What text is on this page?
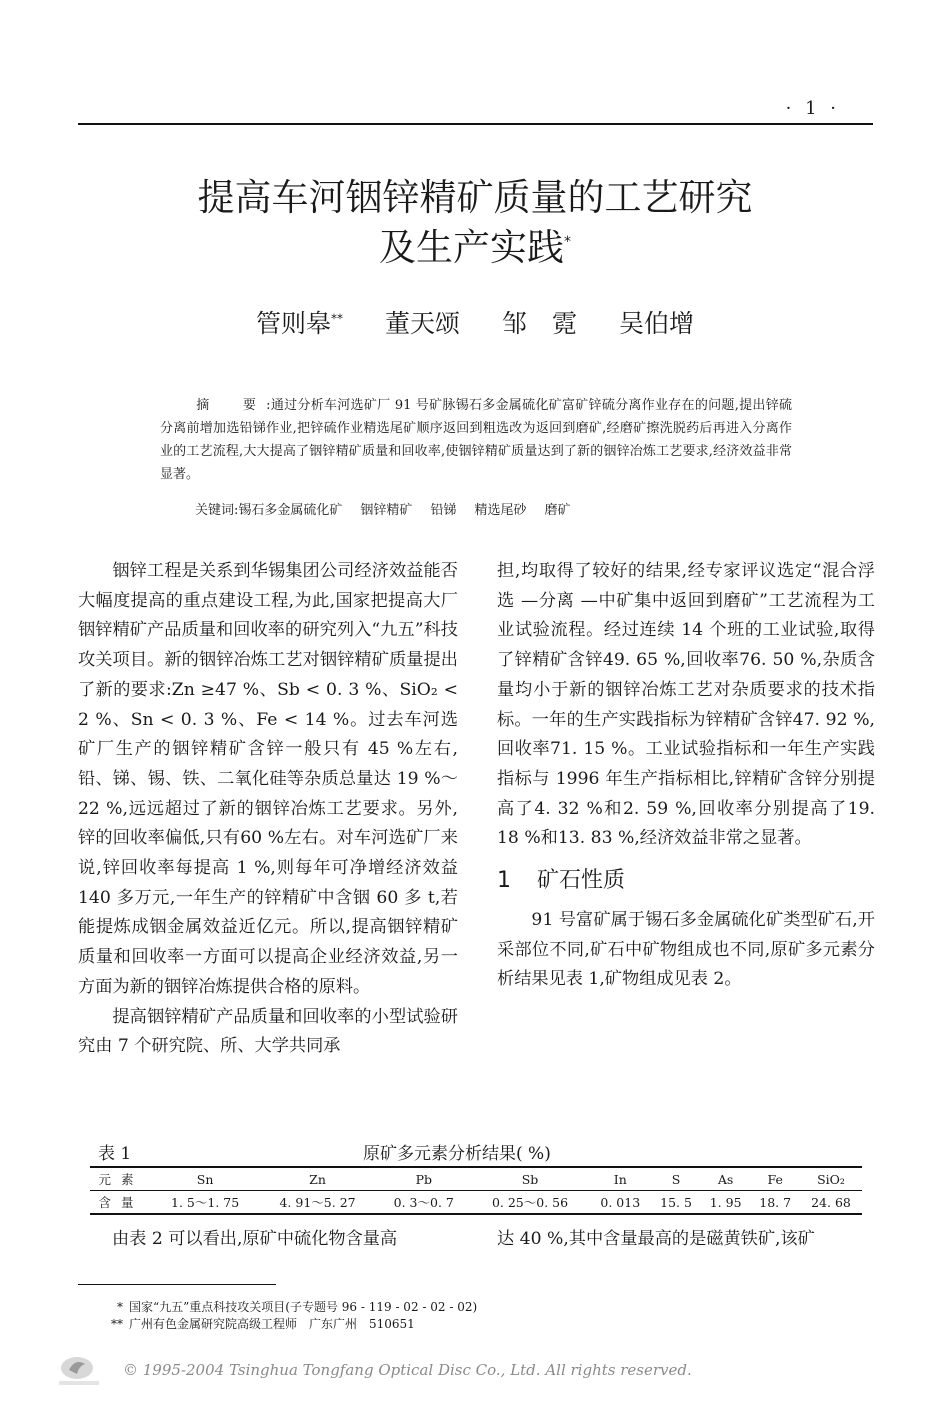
· 1 ·
提高车河铟锌精矿质量的工艺研究
及生产实践*
管则皋** 董天颂 邹　霓 吴伯增
摘　要:通过分析车河选矿厂 91 号矿脉锡石多金属硫化矿富矿锌硫分离作业存在的问题,提出锌硫分离前增加选铅锑作业,把锌硫作业精选尾矿顺序返回到粗选改为返回到磨矿,经磨矿擦洗脱药后再进入分离作业的工艺流程,大大提高了铟锌精矿质量和回收率,使铟锌精矿质量达到了新的铟锌冶炼工艺要求,经济效益非常显著。
关键词:锡石多金属硫化矿 铟锌精矿 铅锑 精选尾砂 磨矿

铟锌工程是关系到华锡集团公司经济效益能否大幅度提高的重点建设工程,为此,国家把提高大厂铟锌精矿产品质量和回收率的研究列入“九五”科技攻关项目。新的铟锌冶炼工艺对铟锌精矿质量提出了新的要求:Zn ≥47 %、Sb < 0. 3 %、SiO₂ < 2 %、Sn < 0. 3 %、Fe < 14 %。过去车河选矿厂生产的铟锌精矿含锌一般只有 45 %左右,铅、锑、锡、铁、二氧化硅等杂质总量达 19 %～22 %,远远超过了新的铟锌冶炼工艺要求。另外,锌的回收率偏低,只有60 %左右。对车河选矿厂来说,锌回收率每提高 1 %,则每年可净增经济效益 140 多万元,一年生产的锌精矿中含铟 60 多 t,若能提炼成铟金属效益近亿元。所以,提高铟锌精矿质量和回收率一方面可以提高企业经济效益,另一方面为新的铟锌冶炼提供合格的原料。

提高铟锌精矿产品质量和回收率的小型试验研究由 7 个研究院、所、大学共同承

担,均取得了较好的结果,经专家评议选定“混合浮选 —分离 —中矿集中返回到磨矿”工艺流程为工业试验流程。经过连续 14 个班的工业试验,取得了锌精矿含锌49. 65 %,回收率76. 50 %,杂质含量均小于新的铟锌冶炼工艺对杂质要求的技术指标。一年的生产实践指标为锌精矿含锌47. 92 %,回收率71. 15 %。工业试验指标和一年生产实践指标与 1996 年生产指标相比,锌精矿含锌分别提高了4. 32 %和2. 59 %,回收率分别提高了19. 18 %和13. 83 %,经济效益非常之显著。

1 矿石性质

91 号富矿属于锡石多金属硫化矿类型矿石,开采部位不同,矿石中矿物组成也不同,原矿多元素分析结果见表 1,矿物组成见表 2。

表 1	原矿多元素分析结果( %)
元素	Sn	Zn	Pb	Sb	In	S	As	Fe	SiO₂
含量	1. 5～1. 75	4. 91～5. 27	0. 3～0. 7	0. 25～0. 56	0. 013	15. 5	1. 95	18. 7	24. 68
由表 2 可以看出,原矿中硫化物含量高	达 40 %,其中含量最高的是磁黄铁矿,该矿
* 国家“九五”重点科技攻关项目(子专题号 96 - 119 - 02 - 02 - 02)
** 广州有色金属研究院高级工程师　广东广州　510651
© 1995-2004 Tsinghua Tongfang Optical Disc Co., Ltd. All rights reserved.
